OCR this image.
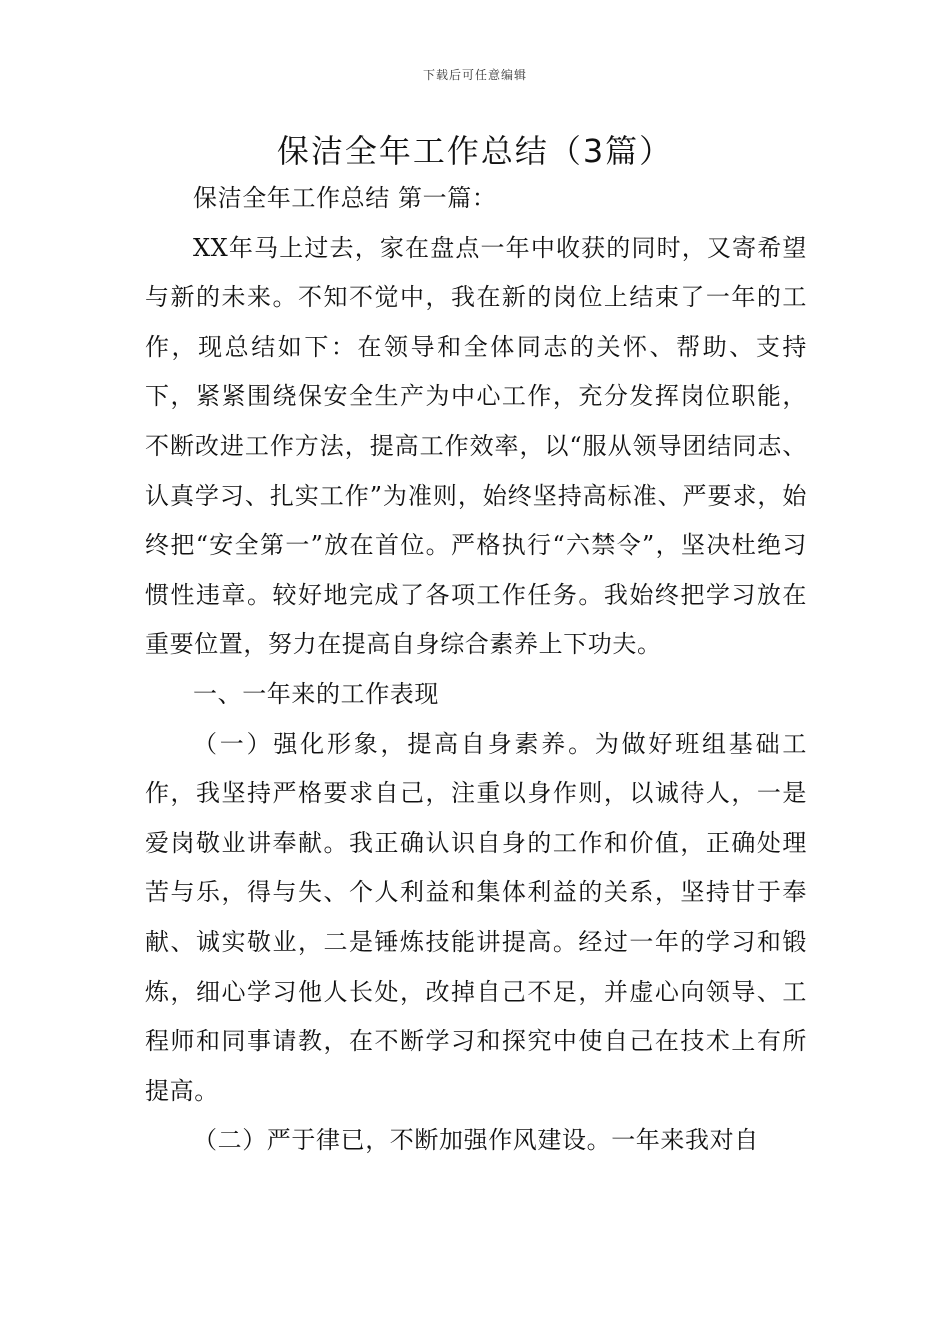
下载后可任意编辑
保洁全年工作总结（3篇）

保洁全年工作总结 第一篇：

XX年马上过去，家在盘点一年中收获的同时，又寄希望与新的未来。不知不觉中，我在新的岗位上结束了一年的工作，现总结如下：在领导和全体同志的关怀、帮助、支持下，紧紧围绕保安全生产为中心工作，充分发挥岗位职能，不断改进工作方法，提高工作效率，以“服从领导团结同志、认真学习、扎实工作”为准则，始终坚持高标准、严要求，始终把“安全第一”放在首位。严格执行“六禁令”，坚决杜绝习惯性违章。较好地完成了各项工作任务。我始终把学习放在重要位置，努力在提高自身综合素养上下功夫。

一、一年来的工作表现

（一）强化形象，提高自身素养。为做好班组基础工作，我坚持严格要求自己，注重以身作则，以诚待人，一是爱岗敬业讲奉献。我正确认识自身的工作和价值，正确处理苦与乐，得与失、个人利益和集体利益的关系，坚持甘于奉献、诚实敬业，二是锤炼技能讲提高。经过一年的学习和锻炼，细心学习他人长处，改掉自己不足，并虚心向领导、工程师和同事请教，在不断学习和探究中使自己在技术上有所提高。

（二）严于律已，不断加强作风建设。一年来我对自
